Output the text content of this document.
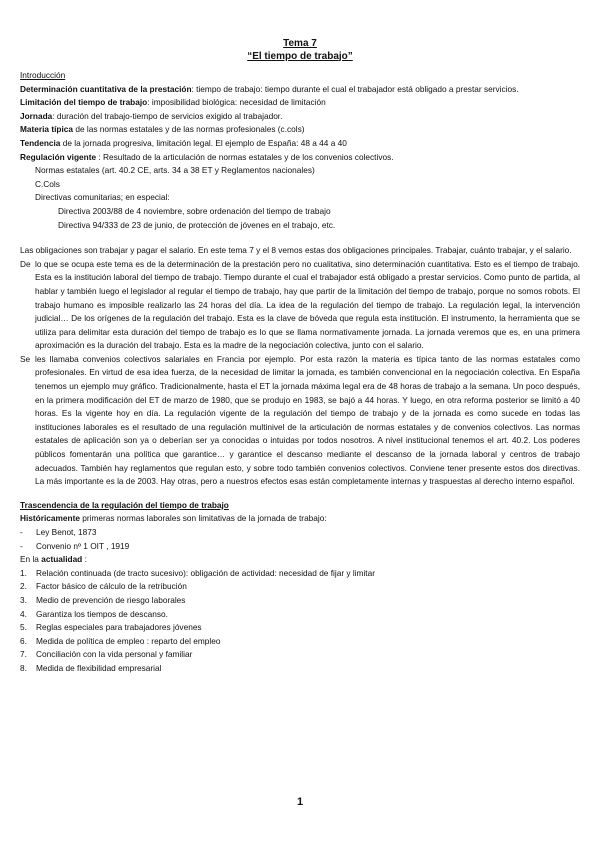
Tema 7
“El tiempo de trabajo”
Introducción
Determinación cuantitativa de la prestación: tiempo de trabajo: tiempo durante el cual el trabajador está obligado a prestar servicios.
Limitación del tiempo de trabajo: imposibilidad biológica: necesidad de limitación
Jornada: duración del trabajo-tiempo de servicios exigido al trabajador.
Materia típica de las normas estatales y de las normas profesionales (c.cols)
Tendencia de la jornada progresiva, limitación legal. El ejemplo de España: 48 a 44 a 40
Regulación vigente : Resultado de la articulación de normas estatales y de los convenios colectivos.
Normas estatales (art. 40.2 CE, arts. 34 a 38 ET y Reglamentos nacionales)
C.Cols
Directivas comunitarias; en especial:
Directiva 2003/88 de 4 noviembre, sobre ordenación del tiempo de trabajo
Directiva 94/333 de 23 de junio, de protección de jóvenes en el trabajo, etc.

Las obligaciones son trabajar y pagar el salario. En este tema 7 y el 8 vemos estas dos obligaciones principales. Trabajar, cuánto trabajar, y el salario.

De lo que se ocupa este tema es de la determinación de la prestación pero no cualitativa, sino determinación cuantitativa. Esto es el tiempo de trabajo. Esta es la institución laboral del tiempo de trabajo. Tiempo durante el cual el trabajador está obligado a prestar servicios. Como punto de partida, al hablar y también luego el legislador al regular el tiempo de trabajo, hay que partir de la limitación del tiempo de trabajo, porque no somos robots. El trabajo humano es imposible realizarlo las 24 horas del día. La idea de la regulación del tiempo de trabajo. La regulación legal, la intervención judicial… De los orígenes de la regulación del trabajo. Esta es la clave de bóveda que regula esta institución. El instrumento, la herramienta que se utiliza para delimitar esta duración del tiempo de trabajo es lo que se llama normativamente jornada. La jornada veremos que es, en una primera aproximación es la duración del trabajo. Esta es la madre de la negociación colectiva, junto con el salario.
Se les llamaba convenios colectivos salariales en Francia por ejemplo. Por esta razón la materia es típica tanto de las normas estatales como profesionales. En virtud de esa idea fuerza, de la necesidad de limitar la jornada, es también convencional en la negociación colectiva. En España tenemos un ejemplo muy gráfico. Tradicionalmente, hasta el ET la jornada máxima legal era de 48 horas de trabajo a la semana. Un poco después, en la primera modificación del ET de marzo de 1980, que se produjo en 1983, se bajó a 44 horas. Y luego, en otra reforma posterior se limitó a 40 horas. Es la vigente hoy en día. La regulación vigente de la regulación del tiempo de trabajo y de la jornada es como sucede en todas las instituciones laborales es el resultado de una regulación multinivel de la articulación de normas estatales y de convenios colectivos. Las normas estatales de aplicación son ya o deberían ser ya conocidas o intuidas por todos nosotros. A nivel institucional tenemos el art. 40.2. Los poderes públicos fomentarán una política que garantice… y garantice el descanso mediante el descanso de la jornada laboral y centros de trabajo adecuados. También hay reglamentos que regulan esto, y sobre todo también convenios colectivos. Conviene tener presente estos dos directivas. La más importante es la de 2003. Hay otras, pero a nuestros efectos esas están completamente internas y traspuestas al derecho interno español.
Trascendencia de la regulación del tiempo de trabajo
Históricamente primeras normas laborales son limitativas de la jornada de trabajo:
-	Ley Benot, 1873
-	Convenio nº 1 OIT , 1919
En la actualidad :
1.	Relación continuada (de tracto sucesivo): obligación de actividad: necesidad de fijar y limitar
2.	Factor básico de cálculo de la retribución
3.	Medio de prevención de riesgo laborales
4.	Garantiza los tiempos de descanso.
5.	Reglas especiales para trabajadores jóvenes
6.	Medida de política de empleo : reparto del empleo
7.	Conciliación con la vida personal y familiar
8.	Medida de flexibilidad empresarial
1
